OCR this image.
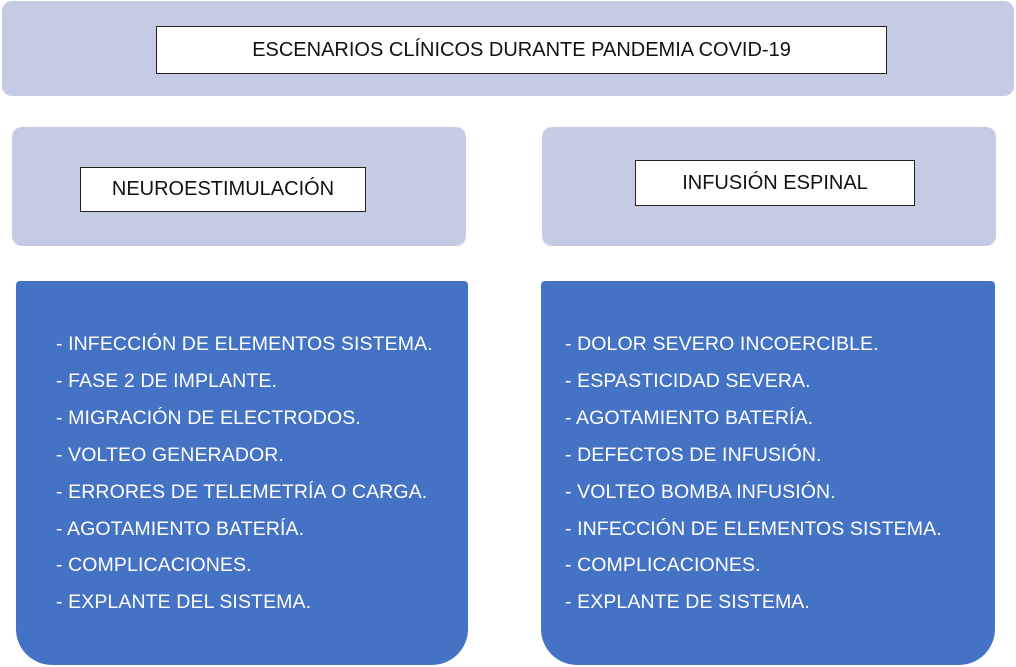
ESCENARIOS CLÍNICOS DURANTE PANDEMIA COVID-19
NEUROESTIMULACIÓN	INFUSIÓN ESPINAL
- INFECCIÓN DE ELEMENTOS SISTEMA.
- FASE 2 DE IMPLANTE.
- MIGRACIÓN DE ELECTRODOS.
- VOLTEO GENERADOR.
- ERRORES DE TELEMETRÍA O CARGA.
- AGOTAMIENTO BATERÍA.
- COMPLICACIONES.
- EXPLANTE DEL SISTEMA.
- DOLOR SEVERO INCOERCIBLE.
- ESPASTICIDAD SEVERA.
- AGOTAMIENTO BATERÍA.
- DEFECTOS DE INFUSIÓN.
- VOLTEO BOMBA INFUSIÓN.
- INFECCIÓN DE ELEMENTOS SISTEMA.
- COMPLICACIONES.
- EXPLANTE DE SISTEMA.
